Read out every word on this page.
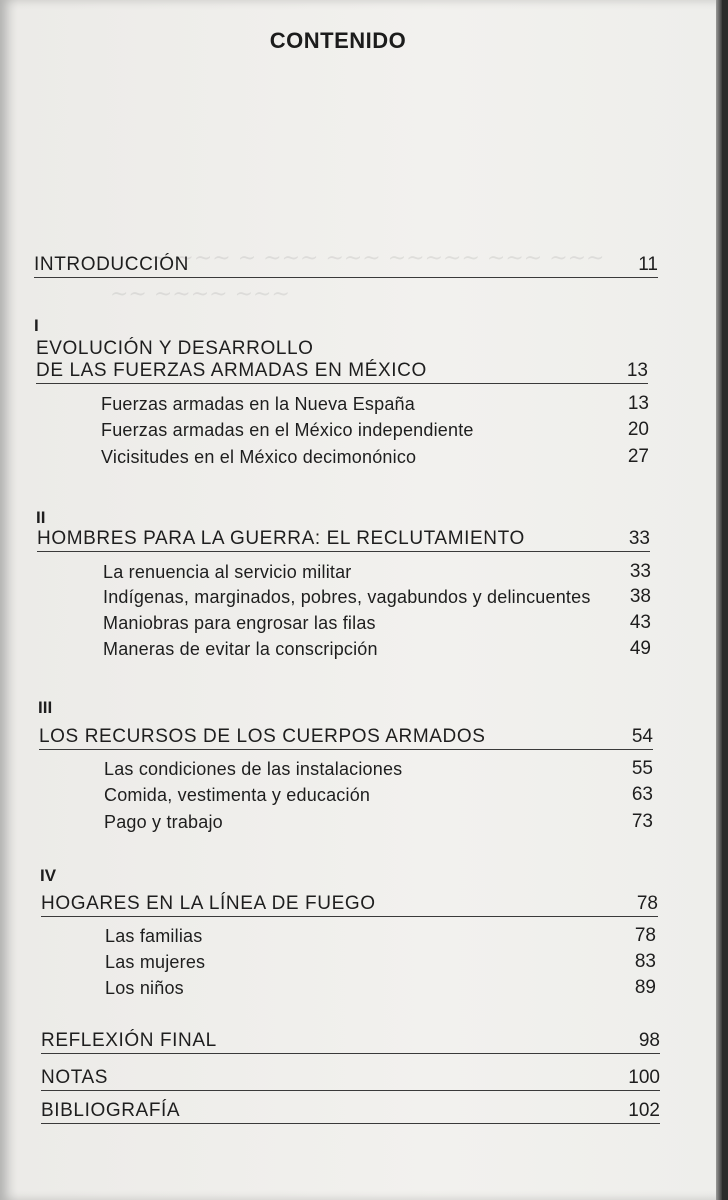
~ ~~~ ~ ~~~ ~~~ ~~~~~ ~~~ ~~~
~~ ~~~~ ~~~
CONTENIDO
INTRODUCCIÓN	11
I
EVOLUCIÓN Y DESARROLLO
DE LAS FUERZAS ARMADAS EN MÉXICO	13
Fuerzas armadas en la Nueva España	13
Fuerzas armadas en el México independiente	20
Vicisitudes en el México decimonónico	27
II
HOMBRES PARA LA GUERRA: EL RECLUTAMIENTO	33
La renuencia al servicio militar	33
Indígenas, marginados, pobres, vagabundos y delincuentes 38
Maniobras para engrosar las filas	43
Maneras de evitar la conscripción	49
III
LOS RECURSOS DE LOS CUERPOS ARMADOS	54
Las condiciones de las instalaciones	55
Comida, vestimenta y educación	63
Pago y trabajo	73
IV
HOGARES EN LA LÍNEA DE FUEGO	78
Las familias	78
Las mujeres	83
Los niños	89
REFLEXIÓN FINAL	98
NOTAS	100
BIBLIOGRAFÍA	102
